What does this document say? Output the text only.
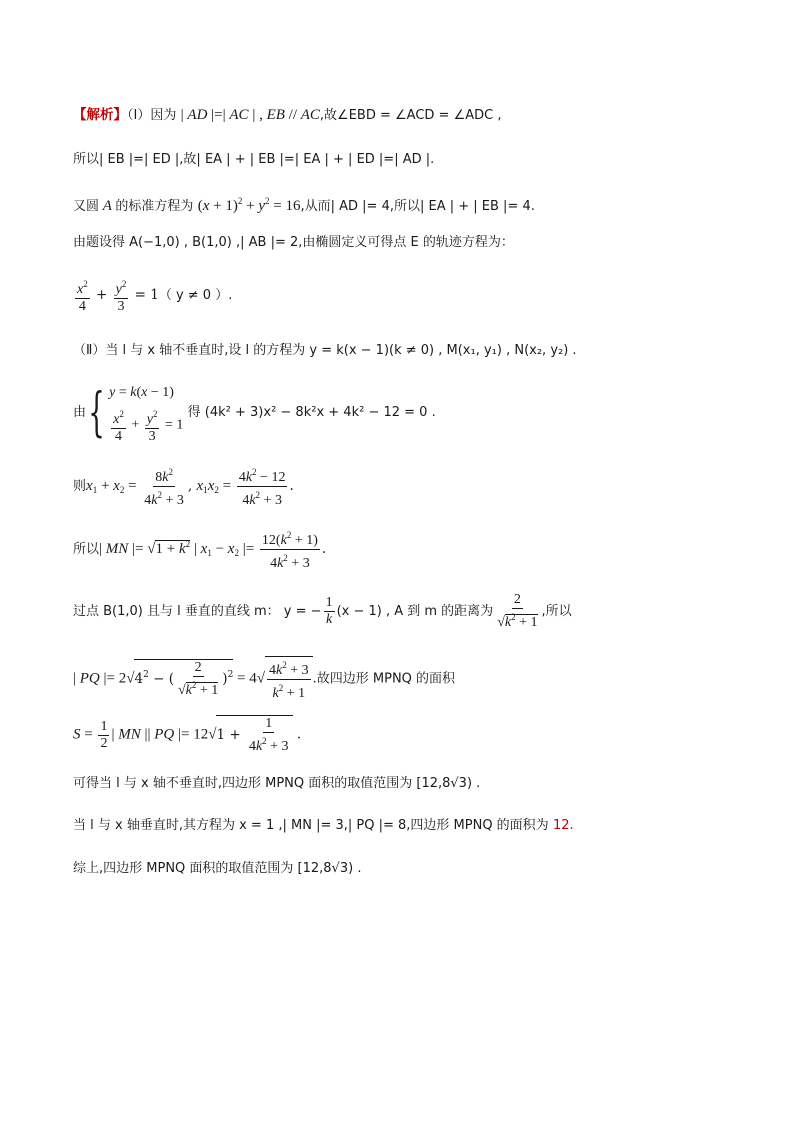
【解析】（Ⅰ）因为 | AD |=| AC | , EB // AC,故∠EBD = ∠ACD = ∠ADC ,
所以| EB |=| ED |,故| EA | + | EB |=| EA | + | ED |=| AD |.
又圆 A 的标准方程为 $(x + 1)^2 + y^2 = 16$,从而| AD |= 4,所以| EA | + | EB |= 4.
由题设得 A(−1,0) , B(1,0) ,| AB |= 2,由椭圆定义可得点 E 的轨迹方程为：
$\frac{x^2}{4} + \frac{y^2}{3} = 1$（ y ≠ 0 ）.
（Ⅱ）当 l 与 x 轴不垂直时,设 l 的方程为 y = k(x − 1)(k ≠ 0) , M(x₁, y₁) , N(x₂, y₂) .
由{ y = k(x − 1)
$\frac{x^2}{4} + \frac{y^2}{3} = 1$
得 (4k² + 3)x² − 8k²x + 4k² − 12 = 0 .
则$x_1 + x_2 = \frac{8k^2}{4k^2 + 3}$ , $x_1x_2 = \frac{4k^2 - 12}{4k^2 + 3}$ .
所以| MN |= $√1 + k^2$ | $x_1 - x_2$ |= $\frac{12(k^2 + 1)}{4k^2 + 3}$ .
过点 B(1,0) 且与 l 垂直的直线 m： y = − $\frac{1}{k} (x - 1)$ , A 到 m 的距离为 $\frac{2}{√k^2 + 1}$ ,所以
| PQ |= $2√4^2$ − ( $\frac{2}{√k^2 + 1} )^2 = 4√ \frac{4k^2 + 3}{k^2 + 1}$ .故四边形 MPNQ 的面积
$S = \frac{1}{2}$ | MN || PQ |= $12√1 + \frac{1}{4k^2 + 3}$ .
可得当 l 与 x 轴不垂直时,四边形 MPNQ 面积的取值范围为 [12,8√3) .
当 l 与 x 轴垂直时,其方程为 x = 1 ,| MN |= 3,| PQ |= 8,四边形 MPNQ 的面积为 12.
综上,四边形 MPNQ 面积的取值范围为 [12,8√3) .
